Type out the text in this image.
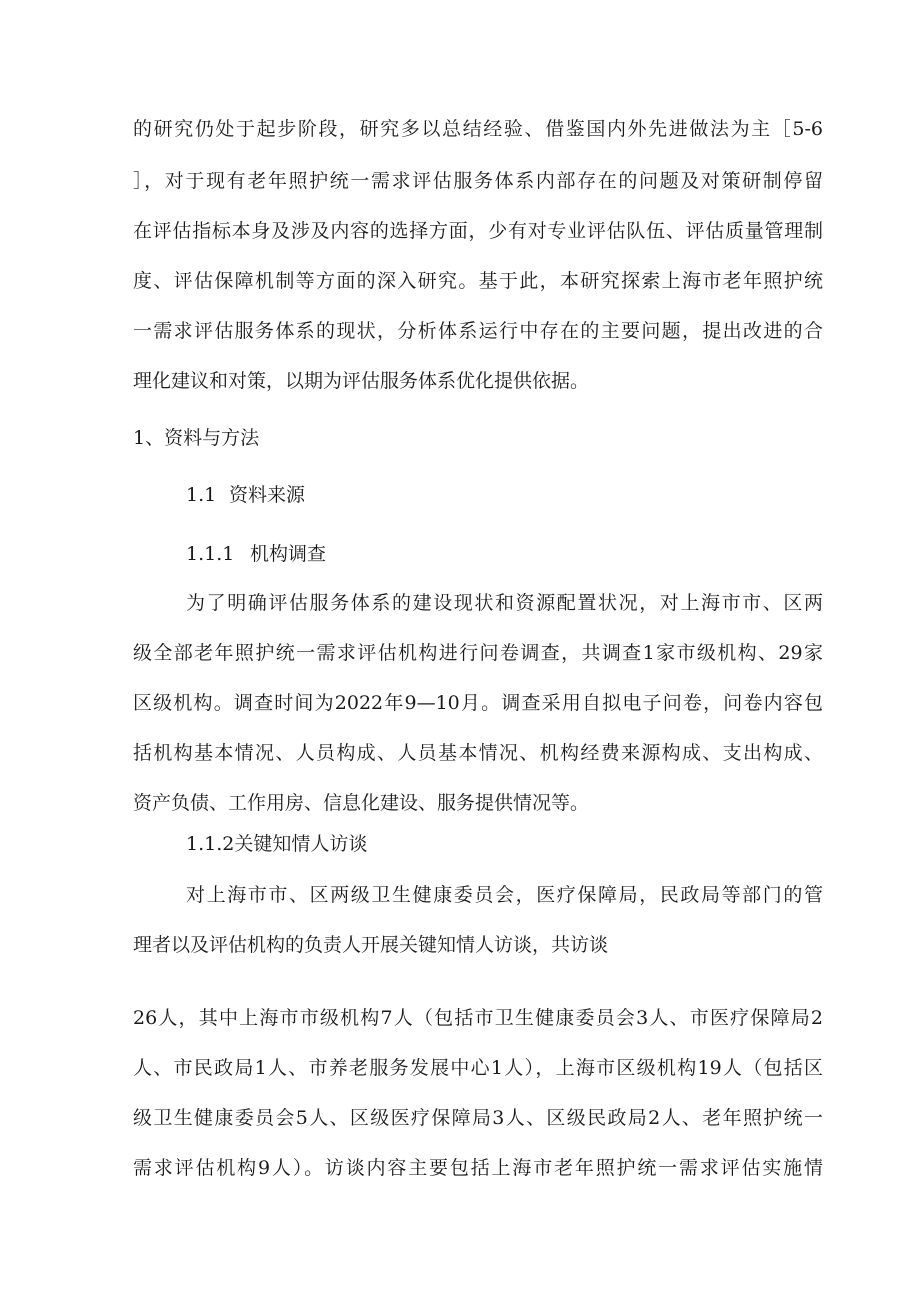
的研究仍处于起步阶段，研究多以总结经验、借鉴国内外先进做法为主［5-6
］，对于现有老年照护统一需求评估服务体系内部存在的问题及对策研制停留
在评估指标本身及涉及内容的选择方面，少有对专业评估队伍、评估质量管理制
度、评估保障机制等方面的深入研究。基于此，本研究探索上海市老年照护统
一需求评估服务体系的现状，分析体系运行中存在的主要问题，提出改进的合
理化建议和对策，以期为评估服务体系优化提供依据。
1、资料与方法
1.1 资料来源
1.1.1 机构调查
为了明确评估服务体系的建设现状和资源配置状况，对上海市市、区两
级全部老年照护统一需求评估机构进行问卷调查，共调查1家市级机构、29家
区级机构。调查时间为2022年9—10月。调查采用自拟电子问卷，问卷内容包
括机构基本情况、人员构成、人员基本情况、机构经费来源构成、支出构成、
资产负债、工作用房、信息化建设、服务提供情况等。
1.1.2关键知情人访谈
对上海市市、区两级卫生健康委员会，医疗保障局，民政局等部门的管
理者以及评估机构的负责人开展关键知情人访谈，共访谈
26人，其中上海市市级机构7人（包括市卫生健康委员会3人、市医疗保障局2
人、市民政局1人、市养老服务发展中心1人），上海市区级机构19人（包括区
级卫生健康委员会5人、区级医疗保障局3人、区级民政局2人、老年照护统一
需求评估机构9人）。访谈内容主要包括上海市老年照护统一需求评估实施情
